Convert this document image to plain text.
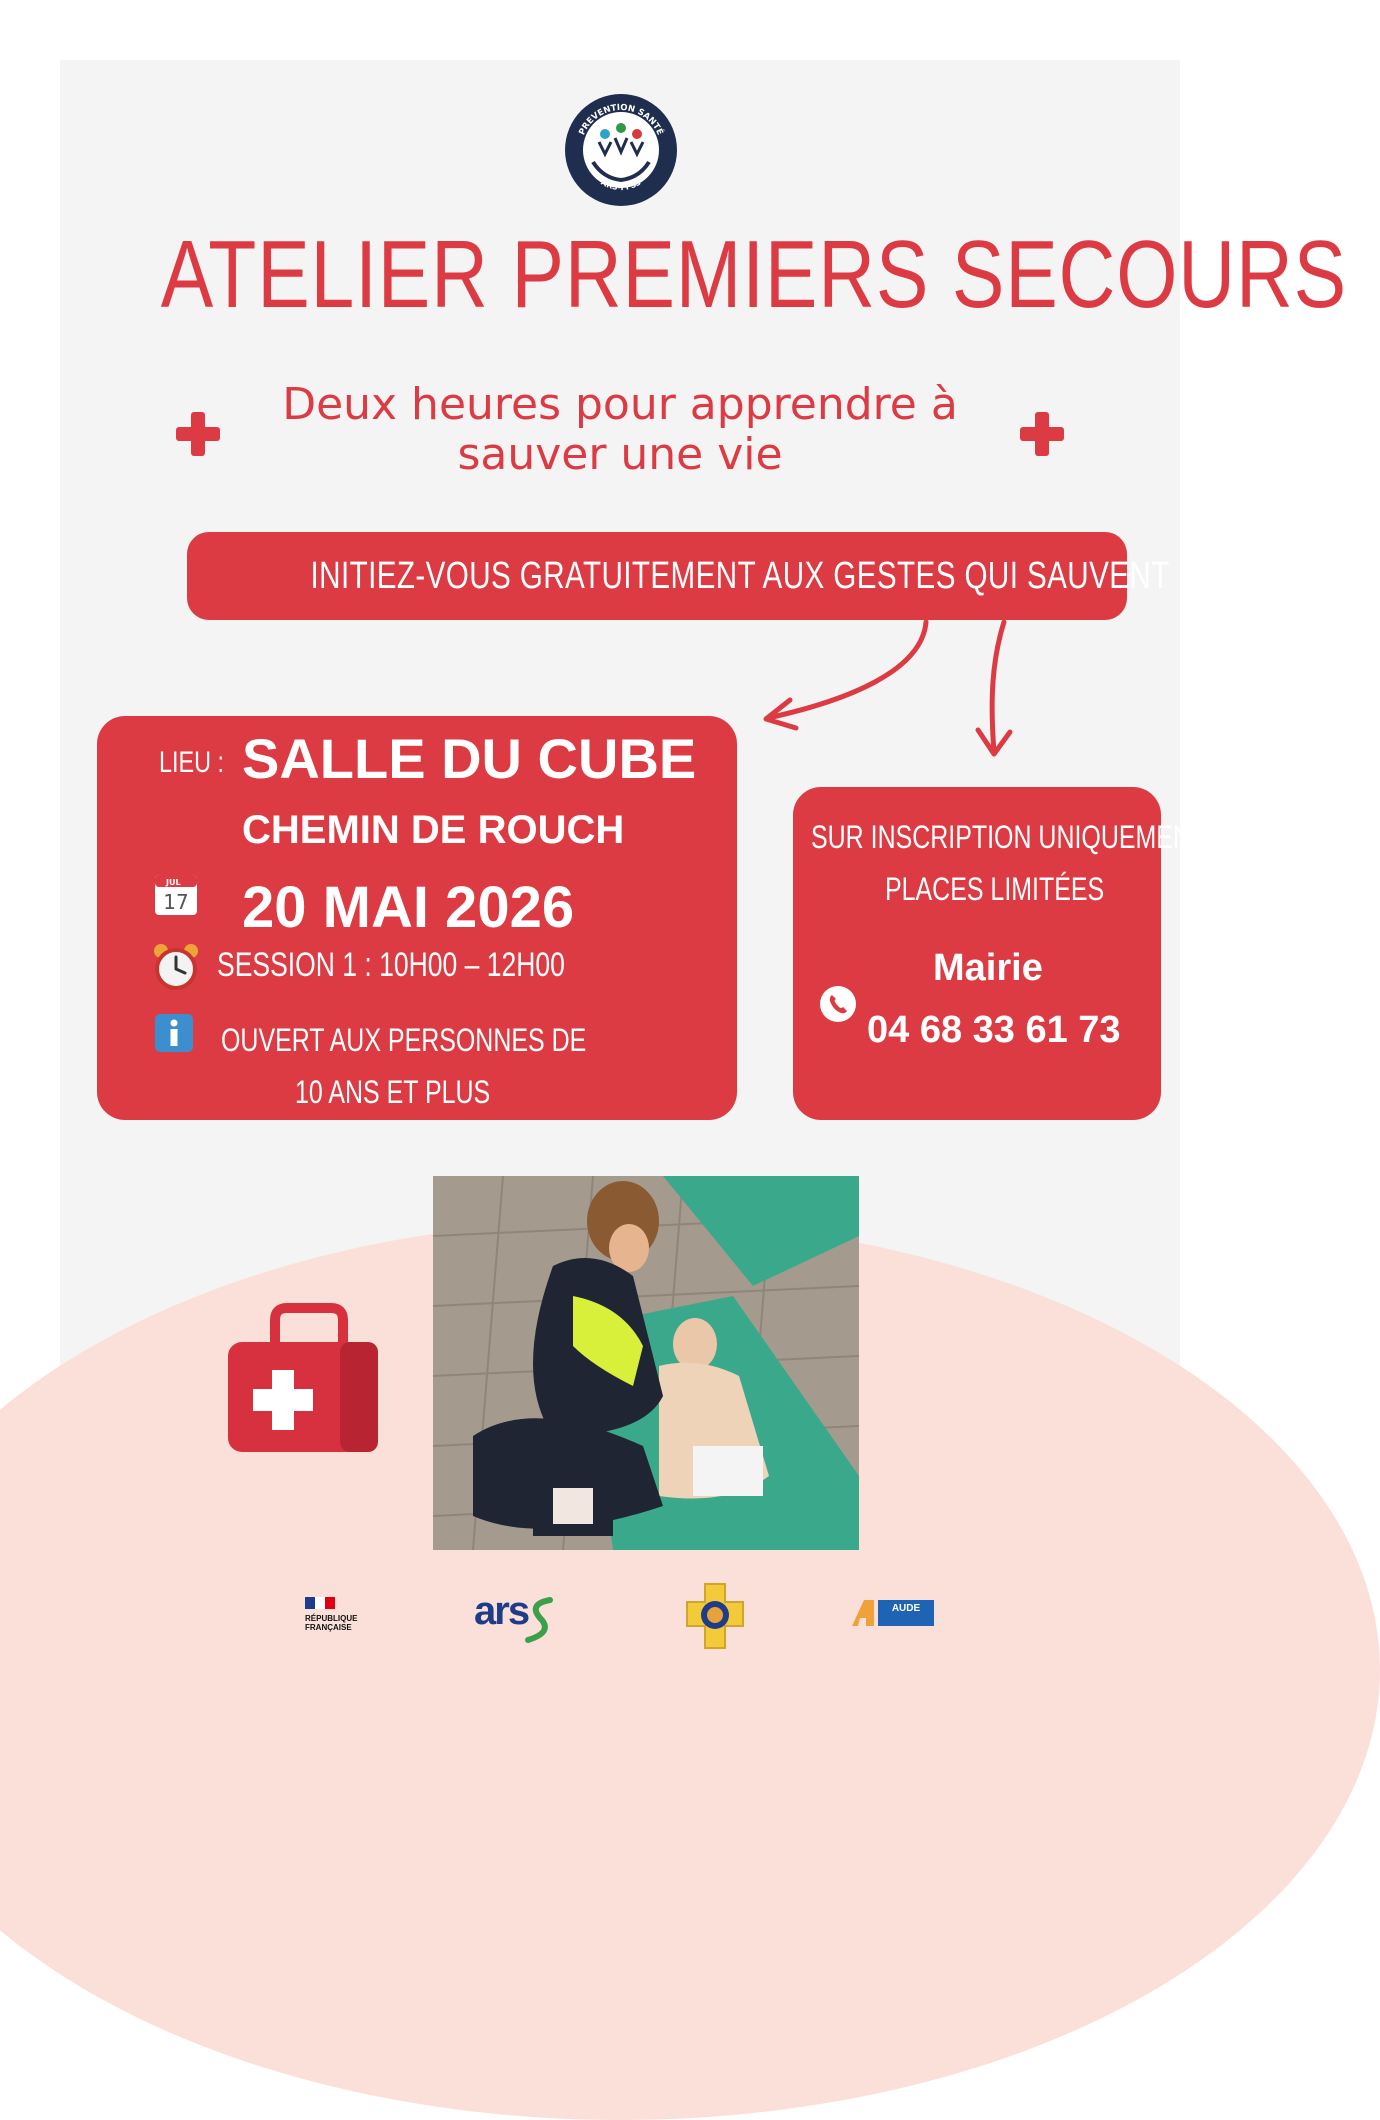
PREVENTION SANTÉ
ARS-FFSS
ATELIER PREMIERS SECOURS
Deux heures pour apprendre à
sauver une vie
INITIEZ-VOUS GRATUITEMENT AUX GESTES QUI SAUVENT !
LIEU : SALLE DU CUBE
CHEMIN DE ROUCH
JUL
17 20 MAI 2026
SESSION 1 : 10H00 – 12H00
OUVERT AUX PERSONNES DE
10 ANS ET PLUS
SUR INSCRIPTION UNIQUEMENT
PLACES LIMITÉES
Mairie
04 68 33 61 73
RÉPUBLIQUE
FRANÇAISE	ars	AUDE
